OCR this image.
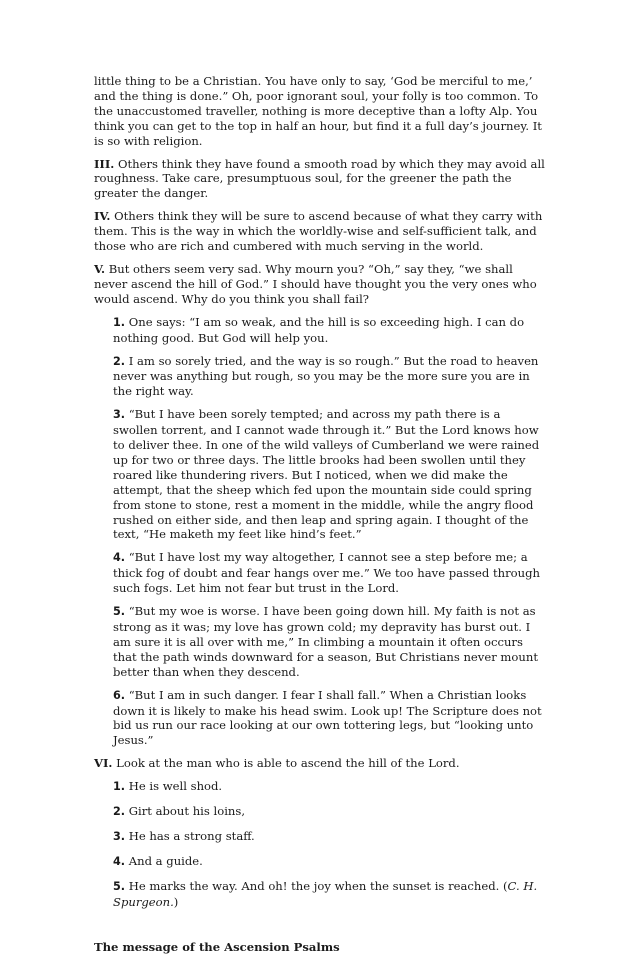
little thing to be a Christian. You have only to say, ‘God be merciful to me,’ and the thing is done.” Oh, poor ignorant soul, your folly is too common. To the unaccustomed traveller, nothing is more deceptive than a lofty Alp. You think you can get to the top in half an hour, but find it a full day’s journey. It is so with religion.

III. Others think they have found a smooth road by which they may avoid all roughness. Take care, presumptuous soul, for the greener the path the greater the danger.

IV. Others think they will be sure to ascend because of what they carry with them. This is the way in which the worldly-wise and self-sufficient talk, and those who are rich and cumbered with much serving in the world.

V. But others seem very sad. Why mourn you? “Oh,” say they, “we shall never ascend the hill of God.” I should have thought you the very ones who would ascend. Why do you think you shall fail?

1. One says: “I am so weak, and the hill is so exceeding high. I can do nothing good. But God will help you.

2. I am so sorely tried, and the way is so rough.” But the road to heaven never was anything but rough, so you may be the more sure you are in the right way.

3. “But I have been sorely tempted; and across my path there is a swollen torrent, and I cannot wade through it.” But the Lord knows how to deliver thee. In one of the wild valleys of Cumberland we were rained up for two or three days. The little brooks had been swollen until they roared like thundering rivers. But I noticed, when we did make the attempt, that the sheep which fed upon the mountain side could spring from stone to stone, rest a moment in the middle, while the angry flood rushed on either side, and then leap and spring again. I thought of the text, “He maketh my feet like hind’s feet.”

4. “But I have lost my way altogether, I cannot see a step before me; a thick fog of doubt and fear hangs over me.” We too have passed through such fogs. Let him not fear but trust in the Lord.

5. “But my woe is worse. I have been going down hill. My faith is not as strong as it was; my love has grown cold; my depravity has burst out. I am sure it is all over with me,” In climbing a mountain it often occurs that the path winds downward for a season, But Christians never mount better than when they descend.

6. “But I am in such danger. I fear I shall fall.” When a Christian looks down it is likely to make his head swim. Look up! The Scripture does not bid us run our race looking at our own tottering legs, but “looking unto Jesus.”

VI. Look at the man who is able to ascend the hill of the Lord.

1. He is well shod.

2. Girt about his loins,

3. He has a strong staff.

4. And a guide.

5. He marks the way. And oh! the joy when the sunset is reached. (C. H. Spurgeon.)

The message of the Ascension Psalms
